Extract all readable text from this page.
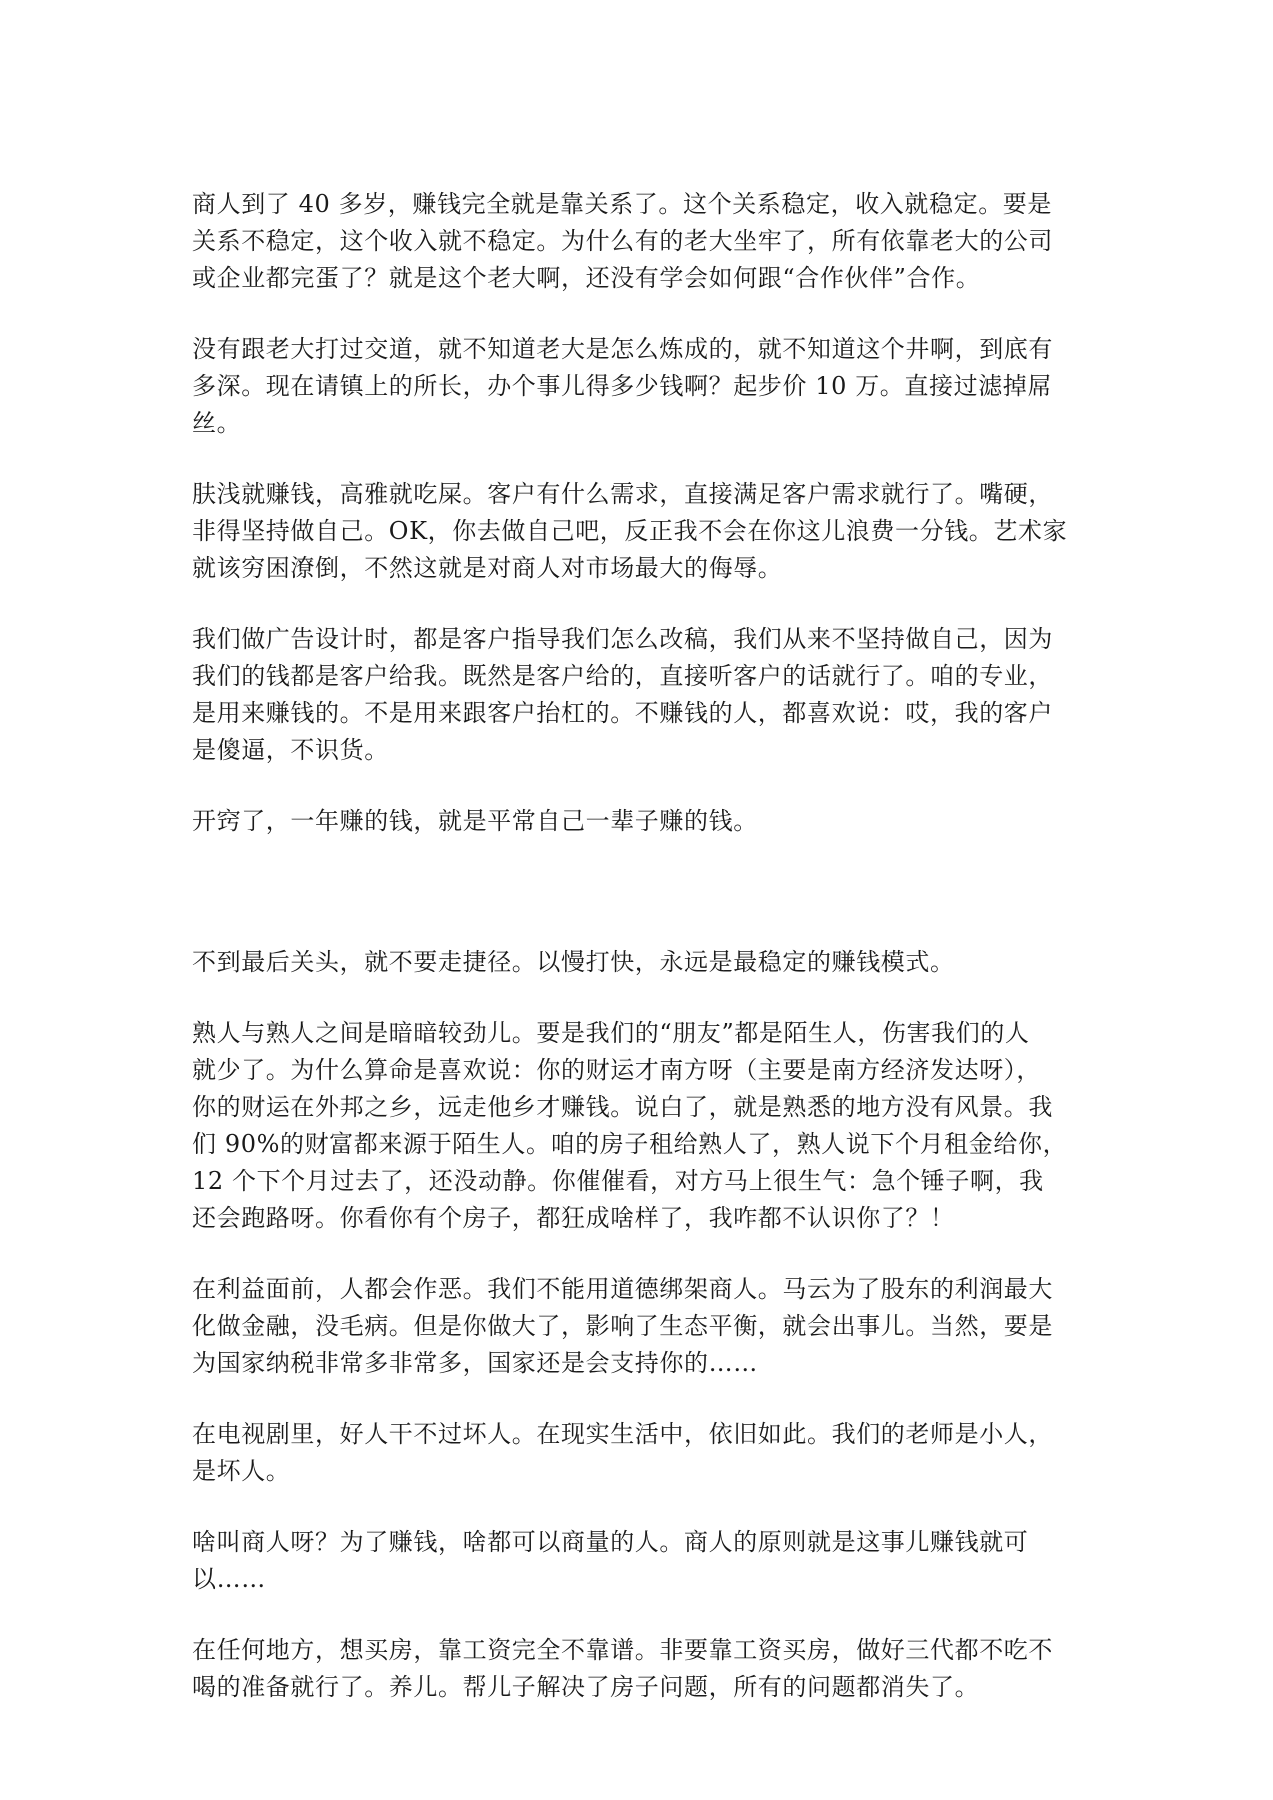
商人到了 40 多岁，赚钱完全就是靠关系了。这个关系稳定，收入就稳定。要是
关系不稳定，这个收入就不稳定。为什么有的老大坐牢了，所有依靠老大的公司
或企业都完蛋了？就是这个老大啊，还没有学会如何跟“合作伙伴”合作。

没有跟老大打过交道，就不知道老大是怎么炼成的，就不知道这个井啊，到底有
多深。现在请镇上的所长，办个事儿得多少钱啊？起步价 10 万。直接过滤掉屌
丝。

肤浅就赚钱，高雅就吃屎。客户有什么需求，直接满足客户需求就行了。嘴硬，
非得坚持做自己。OK，你去做自己吧，反正我不会在你这儿浪费一分钱。艺术家
就该穷困潦倒，不然这就是对商人对市场最大的侮辱。

我们做广告设计时，都是客户指导我们怎么改稿，我们从来不坚持做自己，因为
我们的钱都是客户给我。既然是客户给的，直接听客户的话就行了。咱的专业，
是用来赚钱的。不是用来跟客户抬杠的。不赚钱的人，都喜欢说：哎，我的客户
是傻逼，不识货。

开窍了，一年赚的钱，就是平常自己一辈子赚的钱。

不到最后关头，就不要走捷径。以慢打快，永远是最稳定的赚钱模式。

熟人与熟人之间是暗暗较劲儿。要是我们的“朋友”都是陌生人，伤害我们的人
就少了。为什么算命是喜欢说：你的财运才南方呀（主要是南方经济发达呀），
你的财运在外邦之乡，远走他乡才赚钱。说白了，就是熟悉的地方没有风景。我
们 90%的财富都来源于陌生人。咱的房子租给熟人了，熟人说下个月租金给你，
12 个下个月过去了，还没动静。你催催看，对方马上很生气：急个锤子啊，我
还会跑路呀。你看你有个房子，都狂成啥样了，我咋都不认识你了？！

在利益面前，人都会作恶。我们不能用道德绑架商人。马云为了股东的利润最大
化做金融，没毛病。但是你做大了，影响了生态平衡，就会出事儿。当然，要是
为国家纳税非常多非常多，国家还是会支持你的……

在电视剧里，好人干不过坏人。在现实生活中，依旧如此。我们的老师是小人，
是坏人。

啥叫商人呀？为了赚钱，啥都可以商量的人。商人的原则就是这事儿赚钱就可
以……

在任何地方，想买房，靠工资完全不靠谱。非要靠工资买房，做好三代都不吃不
喝的准备就行了。养儿。帮儿子解决了房子问题，所有的问题都消失了。
